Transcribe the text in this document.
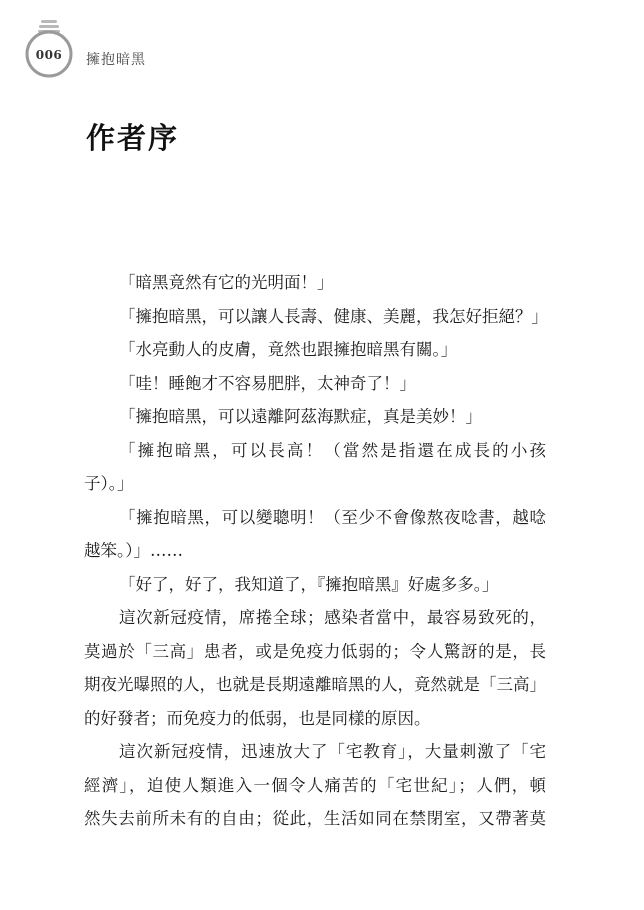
006	擁抱暗黑
作者序
「暗黑竟然有它的光明面！」
「擁抱暗黑，可以讓人長壽、健康、美麗，我怎好拒絕？」
「水亮動人的皮膚，竟然也跟擁抱暗黑有關。」
「哇！睡飽才不容易肥胖，太神奇了！」
「擁抱暗黑，可以遠離阿茲海默症，真是美妙！」
「擁抱暗黑，可以長高！（當然是指還在成長的小孩
子）。」
「擁抱暗黑，可以變聰明！（至少不會像熬夜唸書，越唸
越笨。）」……
「好了，好了，我知道了，『擁抱暗黑』好處多多。」
這次新冠疫情，席捲全球；感染者當中，最容易致死的，
莫過於「三高」患者，或是免疫力低弱的；令人驚訝的是，長
期夜光曝照的人，也就是長期遠離暗黑的人，竟然就是「三高」
的好發者；而免疫力的低弱，也是同樣的原因。
這次新冠疫情，迅速放大了「宅教育」，大量刺激了「宅
經濟」，迫使人類進入一個令人痛苦的「宅世紀」；人們，頓
然失去前所未有的自由；從此，生活如同在禁閉室，又帶著莫
